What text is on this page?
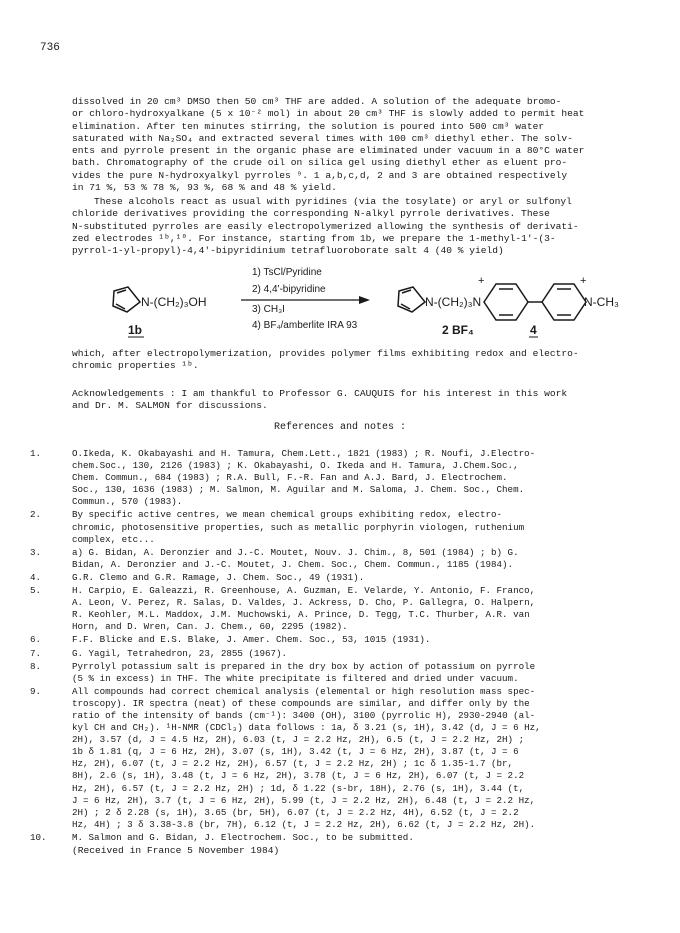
736

dissolved in 20 cm³ DMSO then 50 cm³ THF are added. A solution of the adequate bromo-

or chloro-hydroxyalkane (5 x 10⁻² mol) in about 20 cm³ THF is slowly added to permit heat

elimination. After ten minutes stirring, the solution is poured into 500 cm³ water

saturated with Na₂SO₄ and extracted several times with 100 cm³ diethyl ether. The solv-

ents and pyrrole present in the organic phase are eliminated under vacuum in a 80°C water

bath. Chromatography of the crude oil on silica gel using diethyl ether as eluent pro-

vides the pure N-hydroxyalkyl pyrroles ⁹. 1 a,b,c,d, 2 and 3 are obtained respectively

in 71 %, 53 % 78 %, 93 %, 68 % and 48 % yield.

These alcohols react as usual with pyridines (via the tosylate) or aryl or sulfonyl

chloride derivatives providing the corresponding N-alkyl pyrrole derivatives. These

N-substituted pyrroles are easily electropolymerized allowing the synthesis of derivati-

zed electrodes ¹ᵇ,¹⁰. For instance, starting from 1b, we prepare the 1-methyl-1'-(3-

pyrrol-1-yl-propyl)-4,4'-bipyridinium tetrafluoroborate salt 4 (40 % yield)

N-(CH₂)₃OH
1b
1) TsCl/Pyridine
2) 4,4'-bipyridine
3) CH₃I
4) BF₄/amberlite IRA 93
N-(CH₂)₃N
+	+
N-CH₃
2 BF₄	4

which, after electropolymerization, provides polymer films exhibiting redox and electro-

chromic properties ¹ᵇ.

Acknowledgements : I am thankful to Professor G. CAUQUIS for his interest in this work

and Dr. M. SALMON for discussions.

References and notes :
1.	O.Ikeda, K. Okabayashi and H. Tamura, Chem.Lett., 1821 (1983) ; R. Noufi, J.Electro-
chem.Soc., 130, 2126 (1983) ; K. Okabayashi, O. Ikeda and H. Tamura, J.Chem.Soc.,
Chem. Commun., 684 (1983) ; R.A. Bull, F.-R. Fan and A.J. Bard, J. Electrochem.
Soc., 130, 1636 (1983) ; M. Salmon, M. Aguilar and M. Saloma, J. Chem. Soc., Chem.
Commun., 570 (1983).
2.	By specific active centres, we mean chemical groups exhibiting redox, electro-
chromic, photosensitive properties, such as metallic porphyrin viologen, ruthenium
complex, etc...
3.	a) G. Bidan, A. Deronzier and J.-C. Moutet, Nouv. J. Chim., 8, 501 (1984) ; b) G.
Bidan, A. Deronzier and J.-C. Moutet, J. Chem. Soc., Chem. Commun., 1185 (1984).
4.	G.R. Clemo and G.R. Ramage, J. Chem. Soc., 49 (1931).
5.	H. Carpio, E. Galeazzi, R. Greenhouse, A. Guzman, E. Velarde, Y. Antonio, F. Franco,
A. Leon, V. Perez, R. Salas, D. Valdes, J. Ackress, D. Cho, P. Gallegra, O. Halpern,
R. Keohler, M.L. Maddox, J.M. Muchowski, A. Prince, D. Tegg, T.C. Thurber, A.R. van
Horn, and D. Wren, Can. J. Chem., 60, 2295 (1982).
6.	F.F. Blicke and E.S. Blake, J. Amer. Chem. Soc., 53, 1015 (1931).
7.	G. Yagil, Tetrahedron, 23, 2855 (1967).
8.	Pyrrolyl potassium salt is prepared in the dry box by action of potassium on pyrrole
(5 % in excess) in THF. The white precipitate is filtered and dried under vacuum.
9.	All compounds had correct chemical analysis (elemental or high resolution mass spec-
troscopy). IR spectra (neat) of these compounds are similar, and differ only by the
ratio of the intensity of bands (cm⁻¹): 3400 (OH), 3100 (pyrrolic H), 2930-2940 (al-
kyl CH and CH₂). ¹H-NMR (CDCl₃) data follows : 1a, δ 3.21 (s, 1H), 3.42 (d, J = 6 Hz,
2H), 3.57 (d, J = 4.5 Hz, 2H), 6.03 (t, J = 2.2 Hz, 2H), 6.5 (t, J = 2.2 Hz, 2H) ;
1b δ 1.81 (q, J = 6 Hz, 2H), 3.07 (s, 1H), 3.42 (t, J = 6 Hz, 2H), 3.87 (t, J = 6
Hz, 2H), 6.07 (t, J = 2.2 Hz, 2H), 6.57 (t, J = 2.2 Hz, 2H) ; 1c δ 1.35-1.7 (br,
8H), 2.6 (s, 1H), 3.48 (t, J = 6 Hz, 2H), 3.78 (t, J = 6 Hz, 2H), 6.07 (t, J = 2.2
Hz, 2H), 6.57 (t, J = 2.2 Hz, 2H) ; 1d, δ 1.22 (s-br, 18H), 2.76 (s, 1H), 3.44 (t,
J = 6 Hz, 2H), 3.7 (t, J = 6 Hz, 2H), 5.99 (t, J = 2.2 Hz, 2H), 6.48 (t, J = 2.2 Hz,
2H) ; 2 δ 2.28 (s, 1H), 3.65 (br, 5H), 6.07 (t, J = 2.2 Hz, 4H), 6.52 (t, J = 2.2
Hz, 4H) ; 3 δ 3.38-3.8 (br, 7H), 6.12 (t, J = 2.2 Hz, 2H), 6.62 (t, J = 2.2 Hz, 2H).
10.	M. Salmon and G. Bidan, J. Electrochem. Soc., to be submitted.
(Received in France 5 November 1984)
